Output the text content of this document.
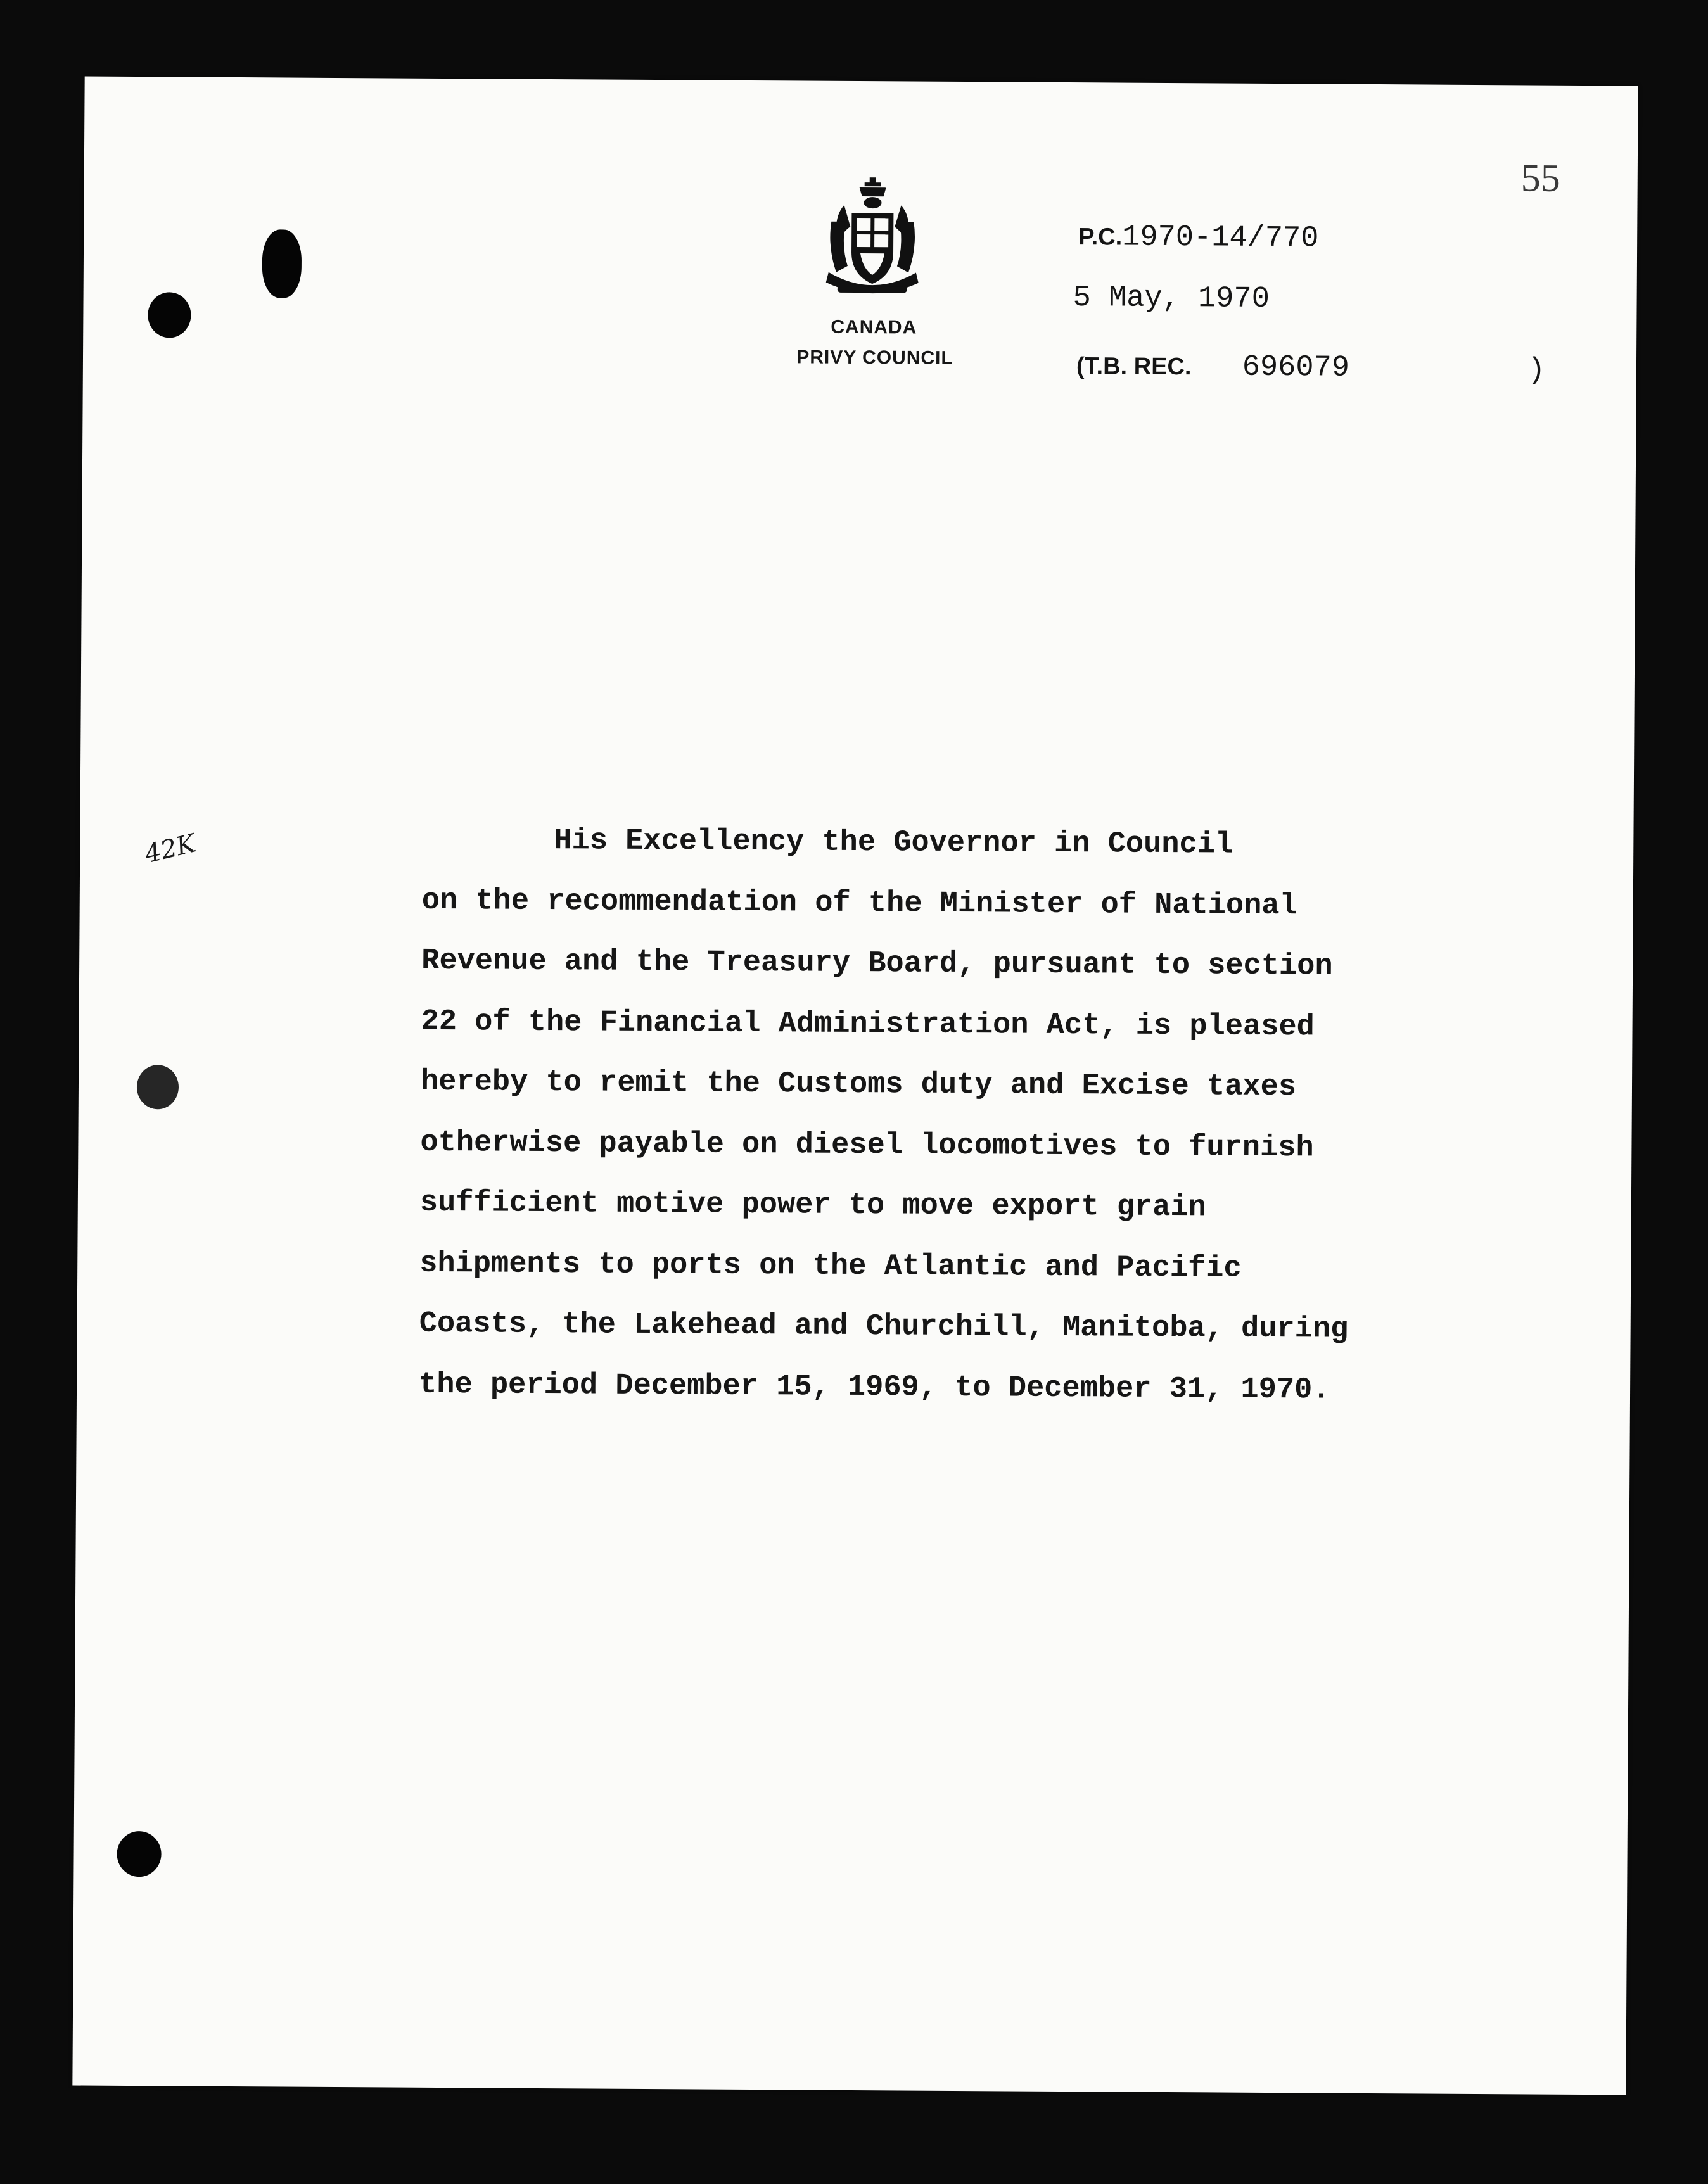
CANADA
PRIVY COUNCIL
P.C.1970-14/770
5 May, 1970
(T.B. REC. 696079	)
55
42K	His Excellency the Governor in Council
on the recommendation of the Minister of National
Revenue and the Treasury Board, pursuant to section
22 of the Financial Administration Act, is pleased
hereby to remit the Customs duty and Excise taxes
otherwise payable on diesel locomotives to furnish
sufficient motive power to move export grain
shipments to ports on the Atlantic and Pacific
Coasts, the Lakehead and Churchill, Manitoba, during
the period December 15, 1969, to December 31, 1970.
